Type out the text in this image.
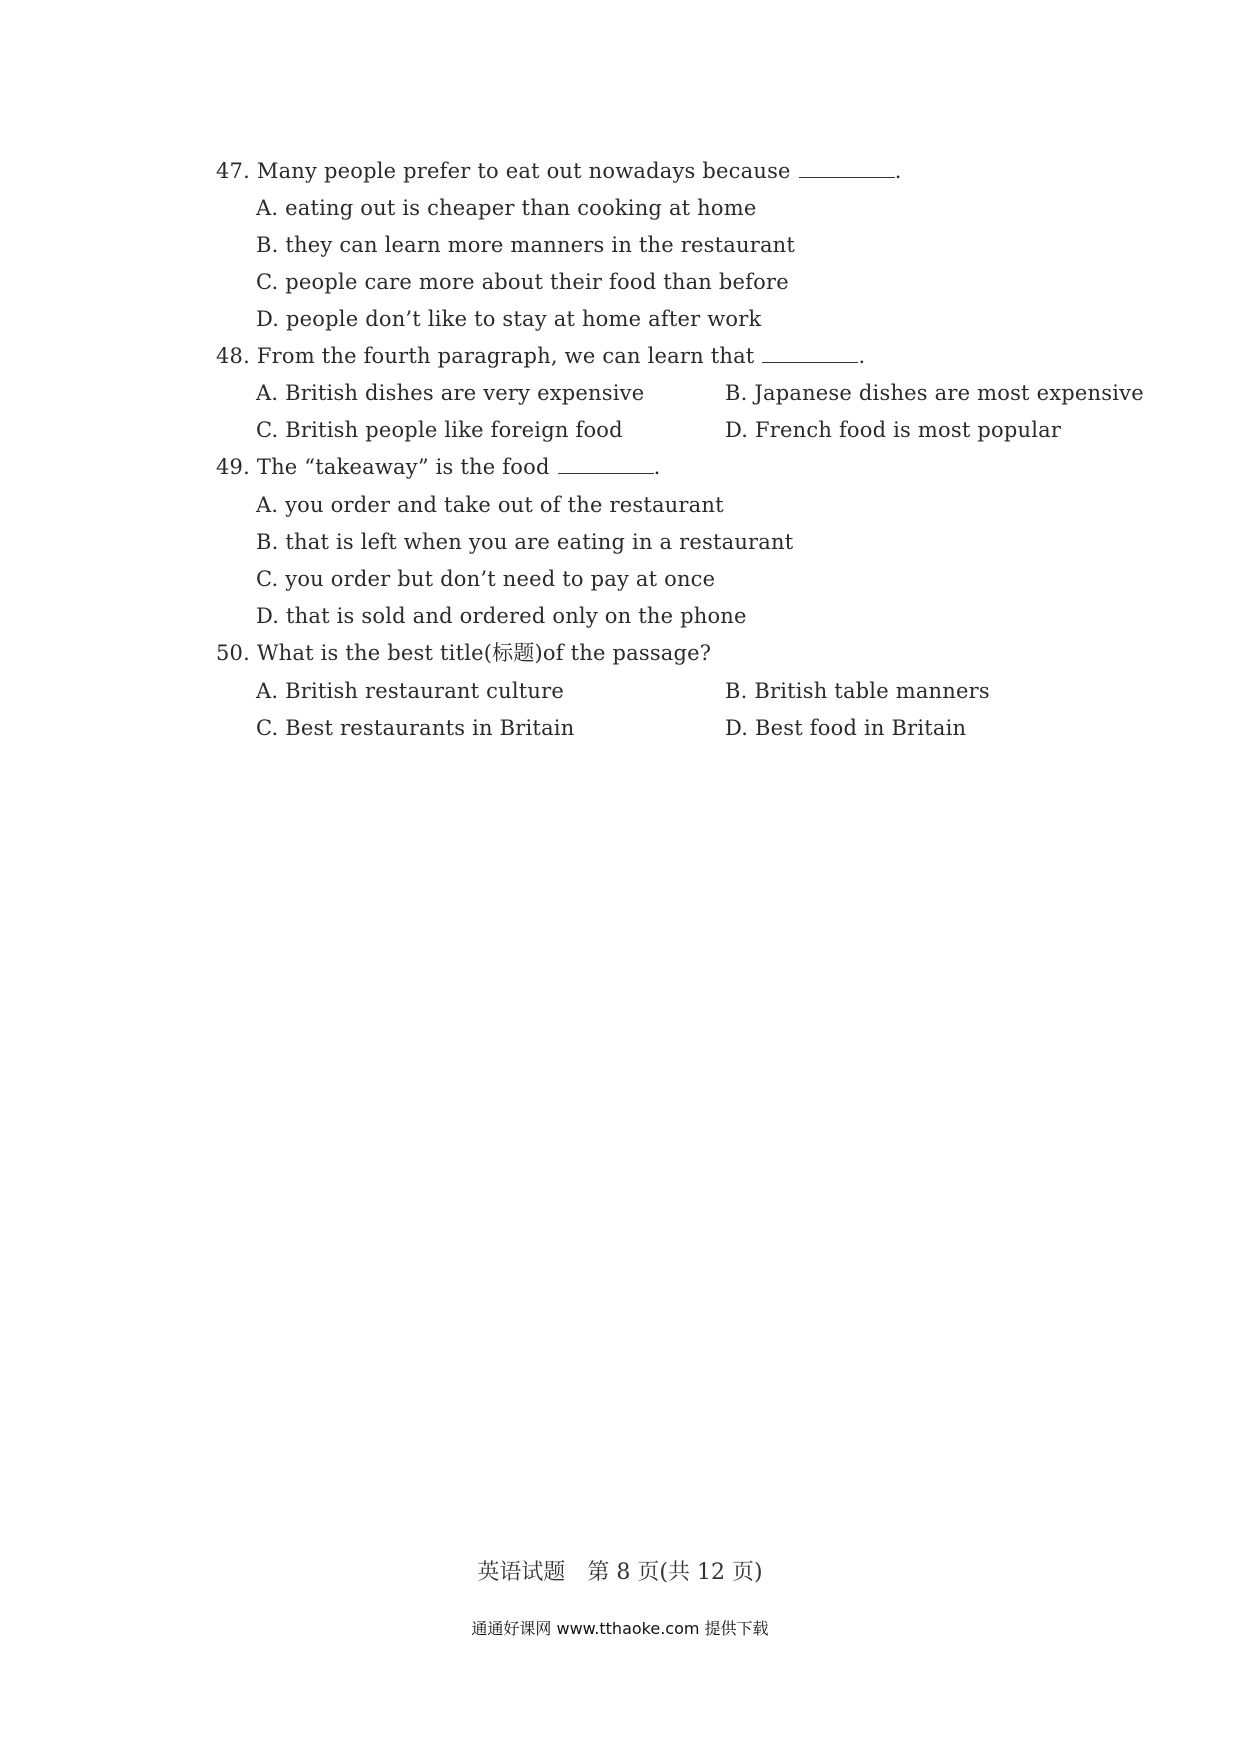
47. Many people prefer to eat out nowadays because	.
A. eating out is cheaper than cooking at home
B. they can learn more manners in the restaurant
C. people care more about their food than before
D. people don’t like to stay at home after work
48. From the fourth paragraph, we can learn that	.
A. British dishes are very expensive	B. Japanese dishes are most expensive
C. British people like foreign food	D. French food is most popular
49. The “takeaway” is the food	.
A. you order and take out of the restaurant
B. that is left when you are eating in a restaurant
C. you order but don’t need to pay at once
D. that is sold and ordered only on the phone
50. What is the best title(标题)of the passage?
A. British restaurant culture	B. British table manners
C. Best restaurants in Britain	D. Best food in Britain
英语试题　第 8 页(共 12 页)
通通好课网 www.tthaoke.com 提供下载
